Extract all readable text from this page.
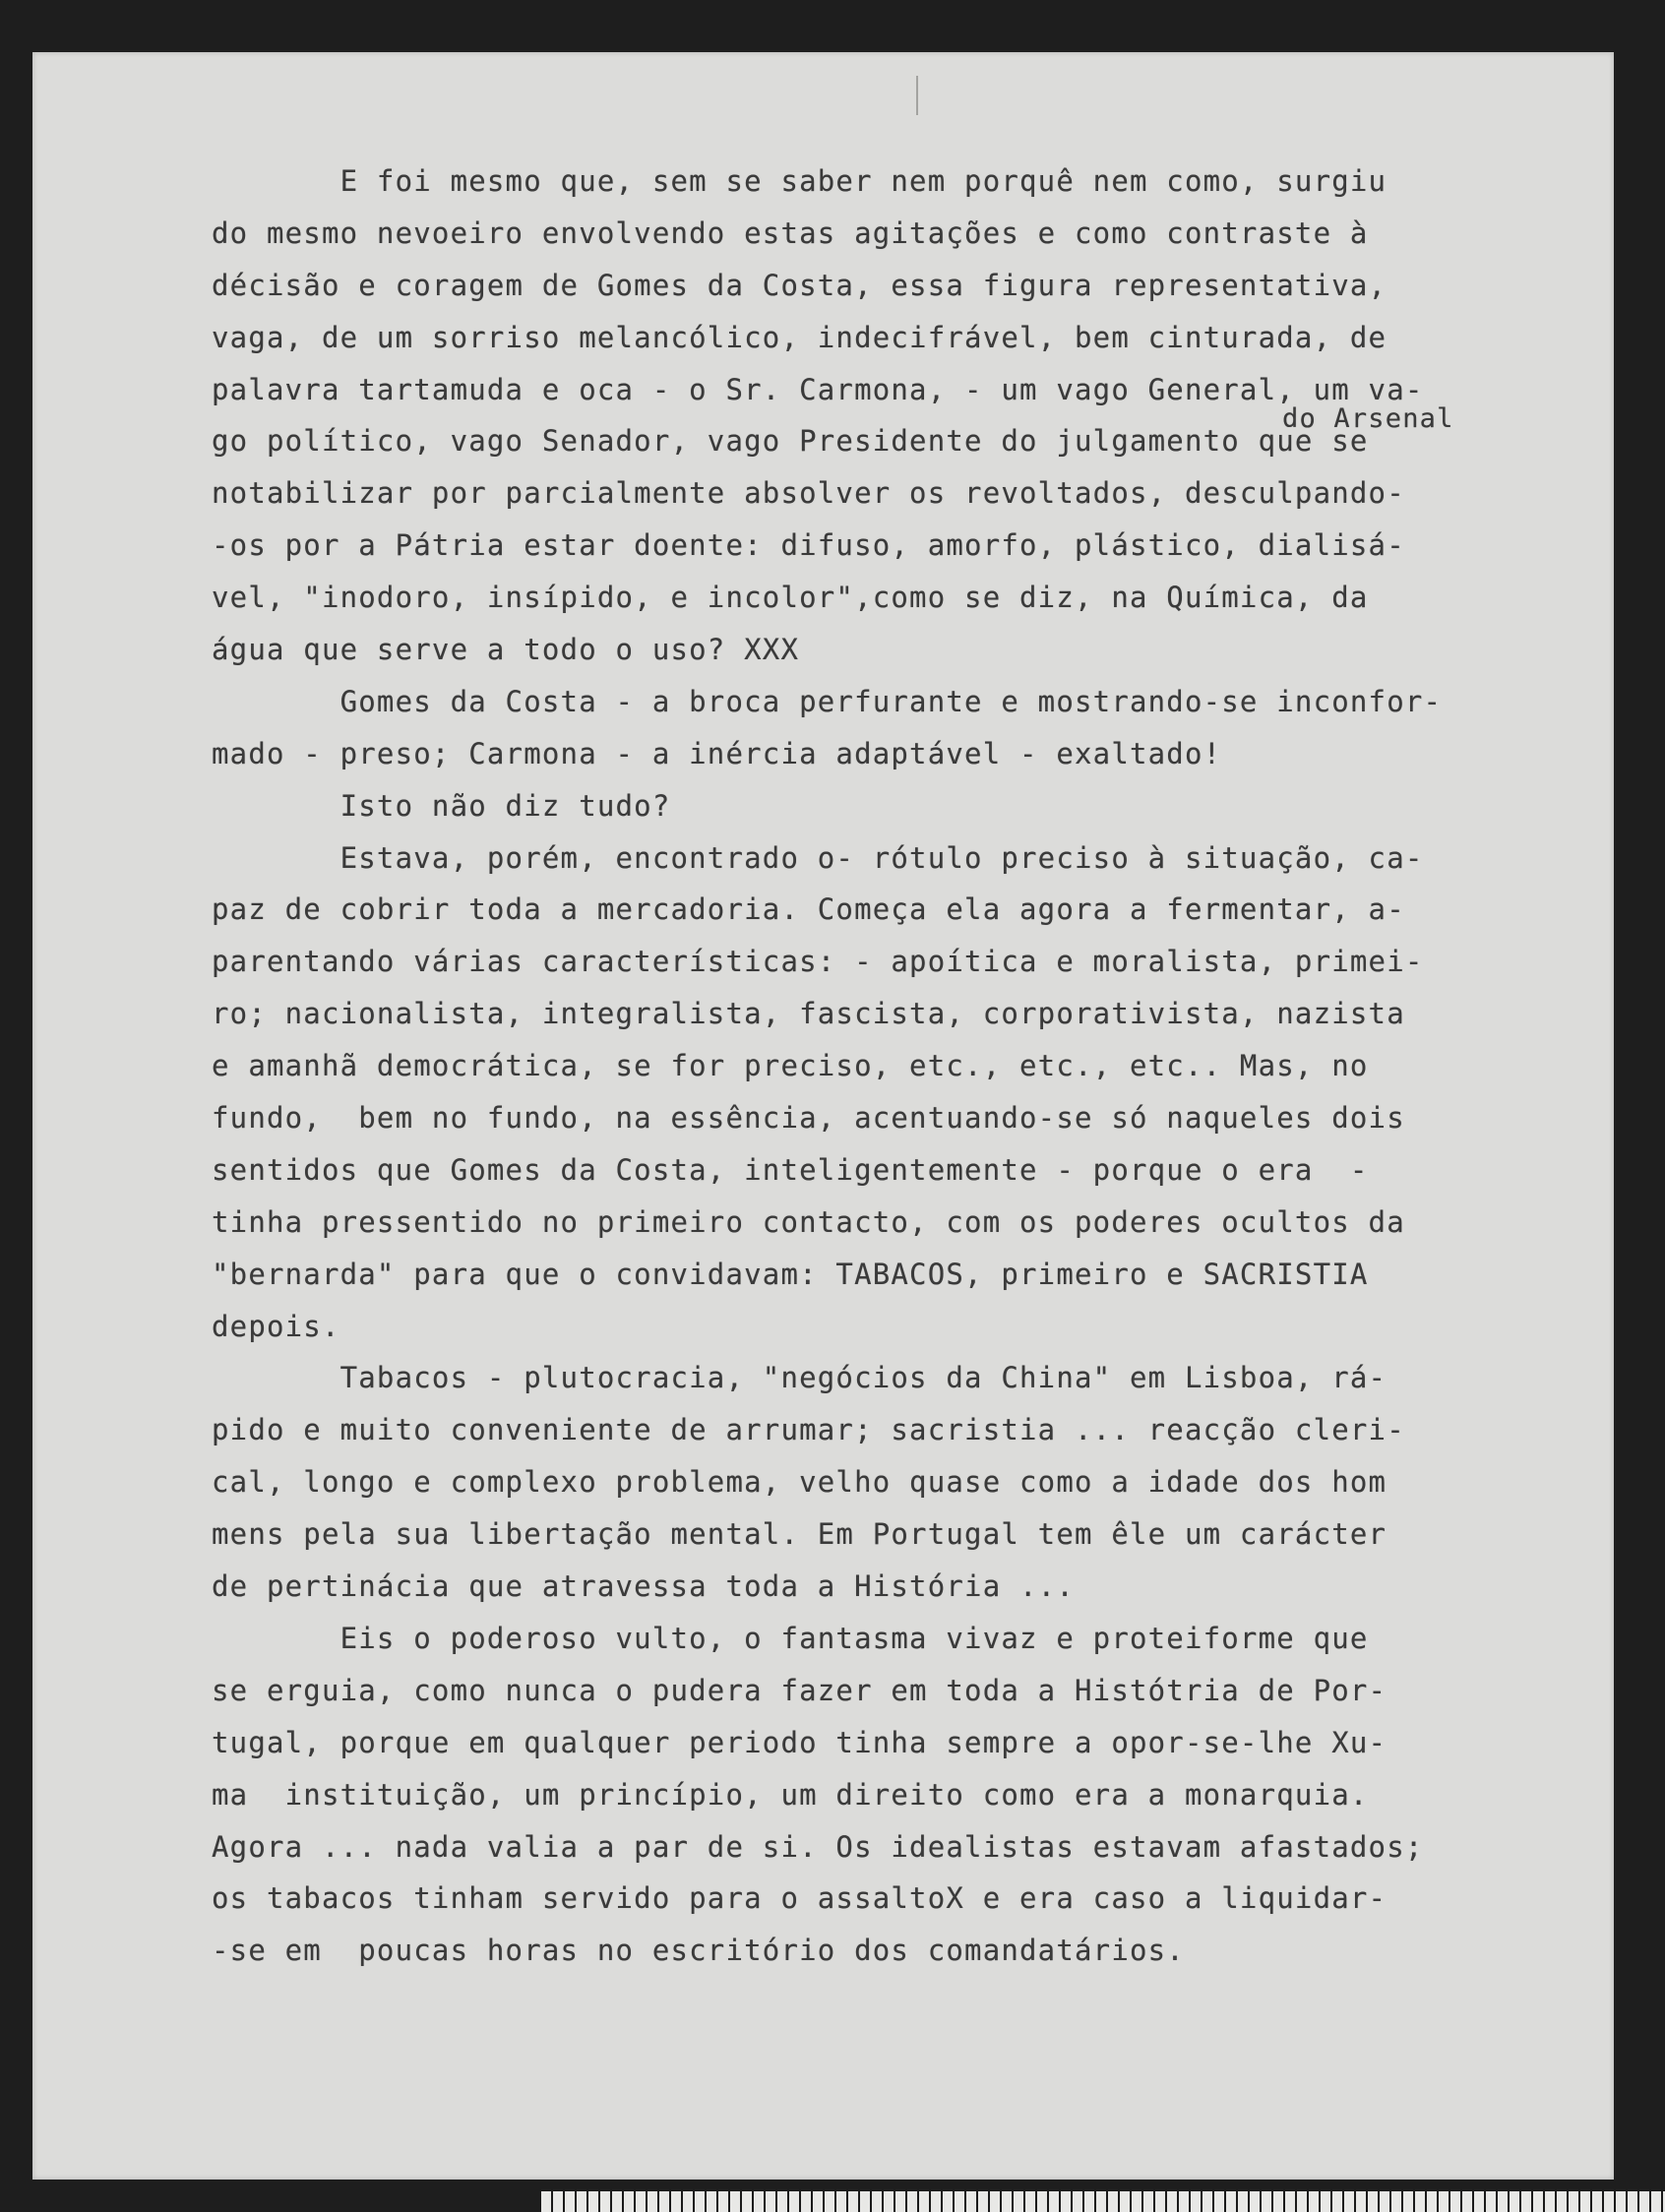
E foi mesmo que, sem se saber nem porquê nem como, surgiu
do mesmo nevoeiro envolvendo estas agitações e como contraste à
décisão e coragem de Gomes da Costa, essa figura representativa,
vaga, de um sorriso melancólico, indecifrável, bem cinturada, de
palavra tartamuda e oca - o Sr. Carmona, - um vago General, um va-
go político, vago Senador, vago Presidente do julgamento que se
do Arsenal
notabilizar por parcialmente absolver os revoltados, desculpando-
-os por a Pátria estar doente: difuso, amorfo, plástico, dialisá-
vel, "inodoro, insípido, e incolor",como se diz, na Química, da
água que serve a todo o uso? XXX
Gomes da Costa - a broca perfurante e mostrando-se inconfor-
mado - preso; Carmona - a inércia adaptável - exaltado!
Isto não diz tudo?
Estava, porém, encontrado o- rótulo preciso à situação, ca-
paz de cobrir toda a mercadoria. Começa ela agora a fermentar, a-
parentando várias características: - apoítica e moralista, primei-
ro; nacionalista, integralista, fascista, corporativista, nazista
e amanhã democrática, se for preciso, etc., etc., etc.. Mas, no
fundo,  bem no fundo, na essência, acentuando-se só naqueles dois
sentidos que Gomes da Costa, inteligentemente - porque o era  -
tinha pressentido no primeiro contacto, com os poderes ocultos da
"bernarda" para que o convidavam: TABACOS, primeiro e SACRISTIA
depois.
Tabacos - plutocracia, "negócios da China" em Lisboa, rá-
pido e muito conveniente de arrumar; sacristia ... reacção cleri-
cal, longo e complexo problema, velho quase como a idade dos hom
mens pela sua libertação mental. Em Portugal tem êle um carácter
de pertinácia que atravessa toda a História ...
Eis o poderoso vulto, o fantasma vivaz e proteiforme que
se erguia, como nunca o pudera fazer em toda a Histótria de Por-
tugal, porque em qualquer periodo tinha sempre a opor-se-lhe Xu-
ma  instituição, um princípio, um direito como era a monarquia.
Agora ... nada valia a par de si. Os idealistas estavam afastados;
os tabacos tinham servido para o assaltoX e era caso a liquidar-
-se em  poucas horas no escritório dos comandatários.
